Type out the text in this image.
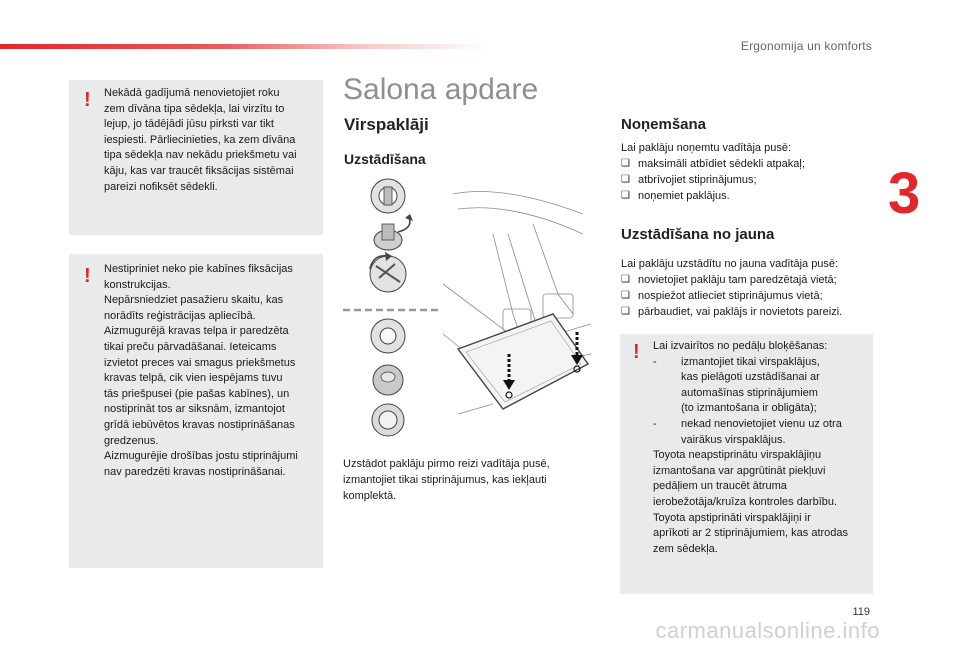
Ergonomija un komforts
3
! Nekādā gadījumā nenovietojiet roku
zem dīvāna tipa sēdekļa, lai virzītu to
lejup, jo tādējādi jūsu pirksti var tikt
iespiesti. Pārliecinieties, ka zem dīvāna
tipa sēdekļa nav nekādu priekšmetu vai
kāju, kas var traucēt fiksācijas sistēmai
pareizi nofiksēt sēdekli.
! Nestipriniet neko pie kabīnes fiksācijas
konstrukcijas.
Nepārsniedziet pasažieru skaitu, kas
norādīts reģistrācijas apliecībā.
Aizmugurējā kravas telpa ir paredzēta
tikai preču pārvadāšanai. Ieteicams
izvietot preces vai smagus priekšmetus
kravas telpā, cik vien iespējams tuvu
tās priešpusei (pie pašas kabīnes), un
nostiprināt tos ar siksnām, izmantojot
grīdā iebūvētos kravas nostiprināšanas
gredzenus.
Aizmugurējie drošības jostu stiprinājumi
nav paredzēti kravas nostiprināšanai.
Salona apdare
Virspaklāji
Uzstādīšana
Uzstādot paklāju pirmo reizi vadītāja pusē,
izmantojiet tikai stiprinājumus, kas iekļauti
komplektā.
Noņemšana
Lai paklāju noņemtu vadītāja pusē:
❑ maksimāli atbīdiet sēdekli atpakaļ;
❑ atbrīvojiet stiprinājumus;
❑ noņemiet paklājus.
Uzstādīšana no jauna
Lai paklāju uzstādītu no jauna vadītāja pusē:
❑ novietojiet paklāju tam paredzētajā vietā;
❑ nospiežot atlieciet stiprinājumus vietā;
❑ pārbaudiet, vai paklājs ir novietots pareizi.
! Lai izvairītos no pedāļu bloķēšanas:
- izmantojiet tikai virspaklājus,
kas pielāgoti uzstādīšanai ar
automašīnas stiprinājumiem
(to izmantošana ir obligāta);
- nekad nenovietojiet vienu uz otra
vairākus virspaklājus.
Toyota neapstiprinātu virspaklājiņu
izmantošana var apgrūtināt piekļuvi
pedāļiem un traucēt ātruma
ierobežotāja/kruīza kontroles darbību.
Toyota apstiprināti virspaklājiņi ir
aprīkoti ar 2 stiprinājumiem, kas atrodas
zem sēdekļa.
119
carmanualsonline.info
